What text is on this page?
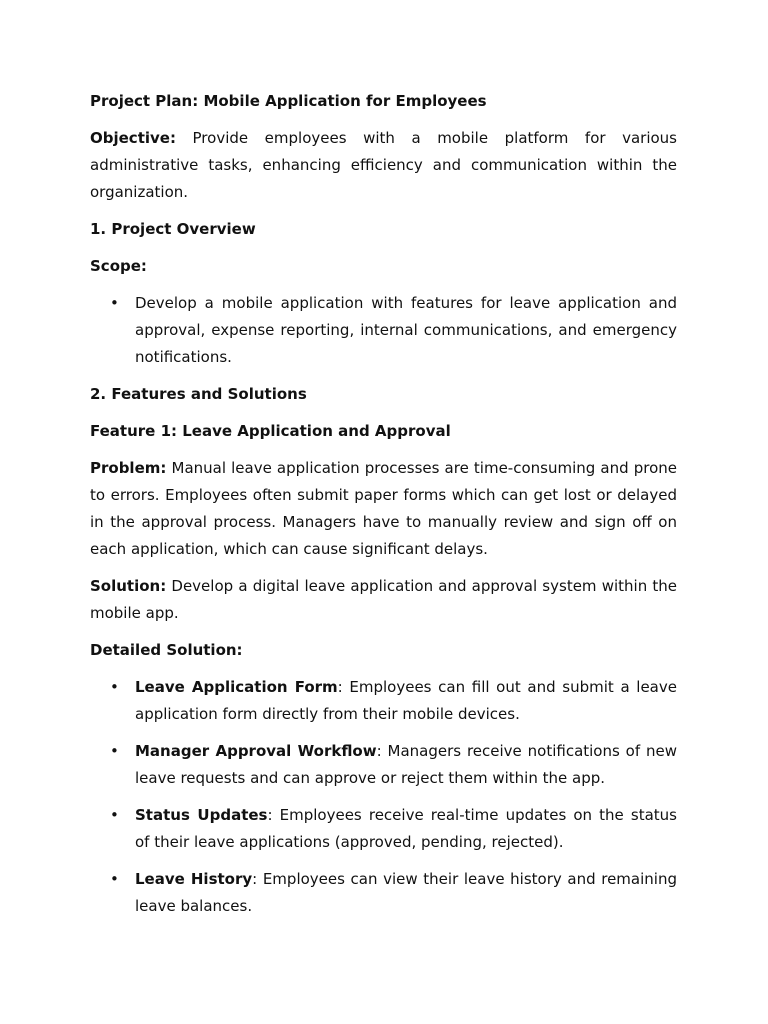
Project Plan: Mobile Application for Employees

Objective: Provide employees with a mobile platform for various administrative tasks, enhancing efficiency and communication within the organization.

1. Project Overview

Scope:

• Develop a mobile application with features for leave application and approval, expense reporting, internal communications, and emergency notifications.

2. Features and Solutions

Feature 1: Leave Application and Approval

Problem: Manual leave application processes are time-consuming and prone to errors. Employees often submit paper forms which can get lost or delayed in the approval process. Managers have to manually review and sign off on each application, which can cause significant delays.

Solution: Develop a digital leave application and approval system within the mobile app.

Detailed Solution:

• Leave Application Form: Employees can fill out and submit a leave application form directly from their mobile devices.
• Manager Approval Workflow: Managers receive notifications of new leave requests and can approve or reject them within the app.
• Status Updates: Employees receive real-time updates on the status of their leave applications (approved, pending, rejected).
• Leave History: Employees can view their leave history and remaining leave balances.
